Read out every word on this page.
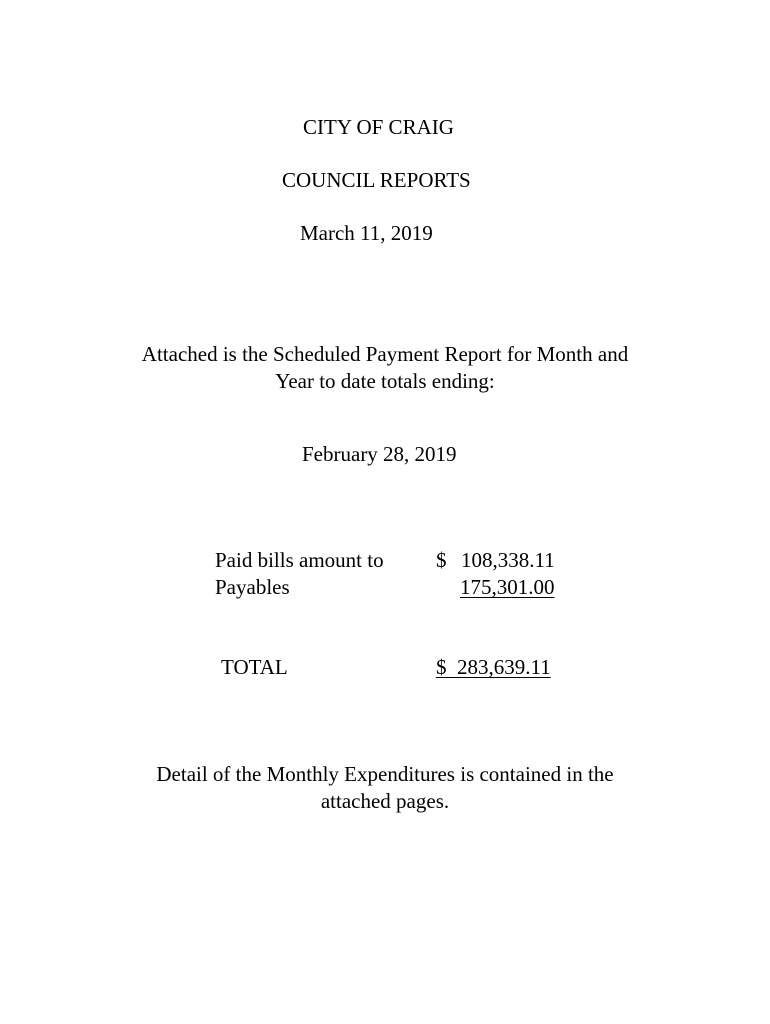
CITY OF CRAIG
COUNCIL REPORTS
March 11, 2019
Attached is the Scheduled Payment Report for Month and
Year to date totals ending:
February 28, 2019
Paid bills amount to $ 108,338.11
Payables	175,301.00
TOTAL	$  283,639.11
Detail of the Monthly Expenditures is contained in the
attached pages.
